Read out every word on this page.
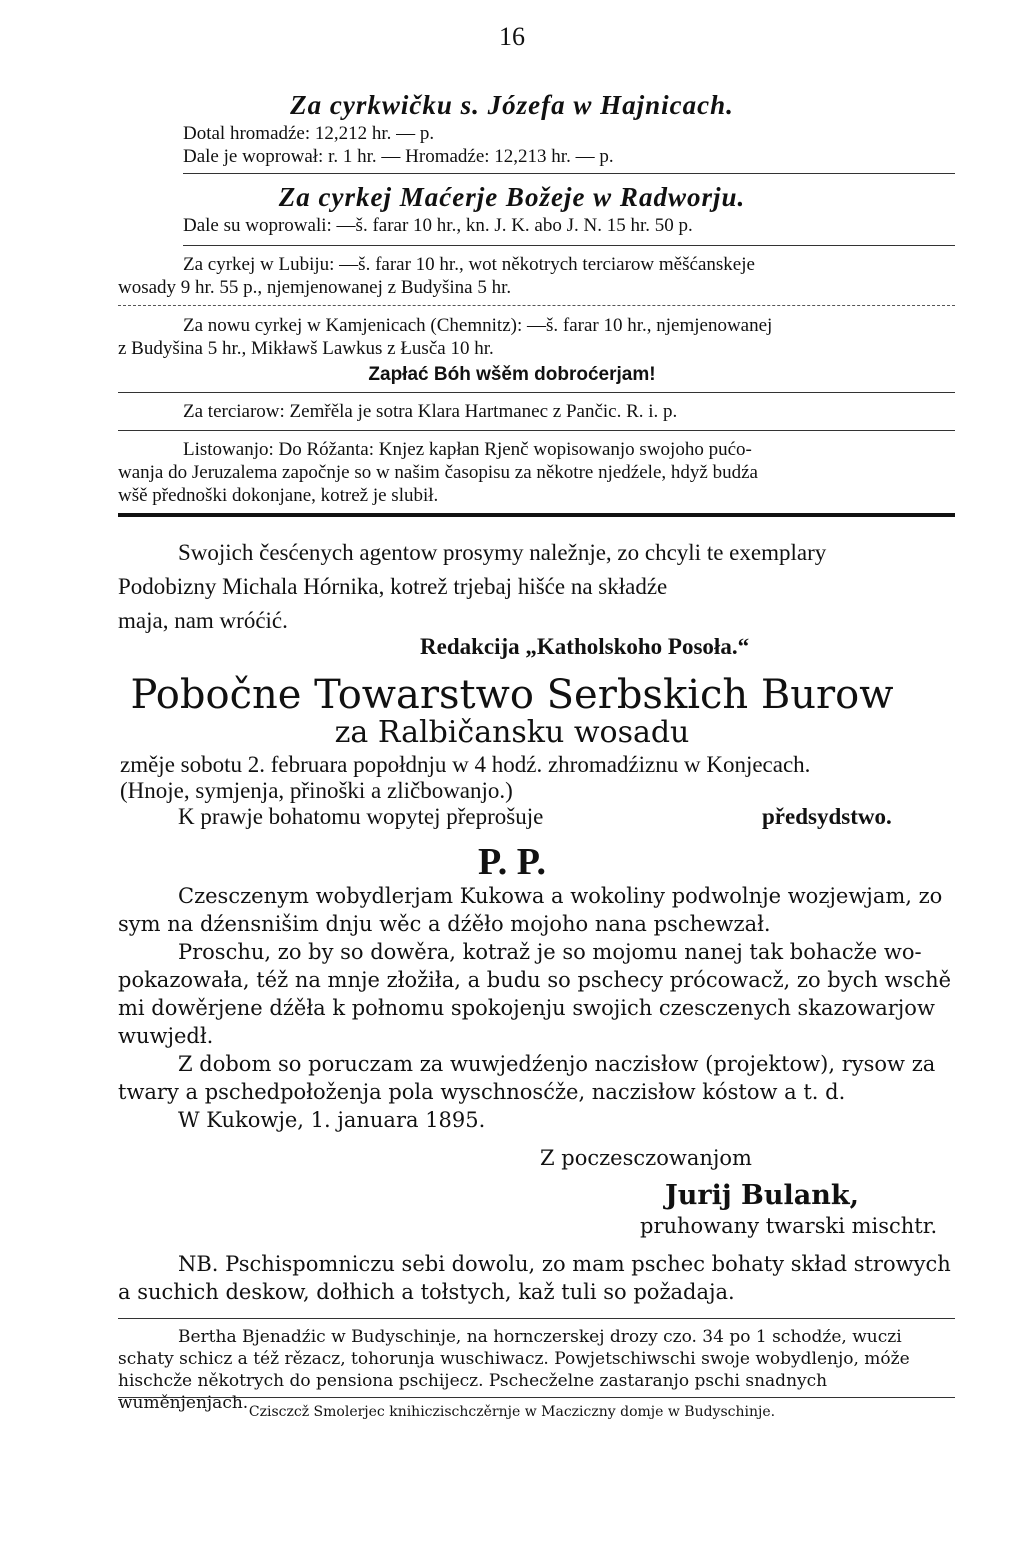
16
Za cyrkwičku s. Józefa w Hajnicach.
Dotal hromadźe: 12,212 hr. — p.
Dale je woprował: r. 1 hr. — Hromadźe: 12,213 hr. — p.
Za cyrkej Maćerje Božeje w Radworju.
Dale su woprowali: —š. farar 10 hr., kn. J. K. abo J. N. 15 hr. 50 p.
Za cyrkej w Lubiju: —š. farar 10 hr., wot někotrych terciarow měšćanskeje
wosady 9 hr. 55 p., njemjenowanej z Budyšina 5 hr.
Za nowu cyrkej w Kamjenicach (Chemnitz): —š. farar 10 hr., njemjenowanej
z Budyšina 5 hr., Mikławš Lawkus z Łusča 10 hr.
Zapłać Bóh wšěm dobroćerjam!
Za terciarow: Zemřěla je sotra Klara Hartmanec z Pančic. R. i. p.
Listowanjo: Do Róžanta: Knjez kapłan Rjenč wopisowanjo swojoho pućo-
wanja do Jeruzalema započnje so w našim časopisu za někotre njedźele, hdyž budźa
wšě přednoški dokonjane, kotrež je slubił.
Swojich česćenych agentow prosymy naležnje, zo chcyli te exemplary
Podobizny Michala Hórnika, kotrež trjebaj hišće na składźe
maja, nam wróćić.
Redakcija „Katholskoho Posoła.“
Pobočne Towarstwo Serbskich Burow
za Ralbičansku wosadu
změje sobotu 2. februara popołdnju w 4 hodź. zhromadźiznu w Konjecach.
(Hnoje, symjenja, přinoški a zličbowanjo.)
K prawje bohatomu wopytej přeprošuje	předsydstwo.
P. P.
Czesczenym wobydlerjam Kukowa a wokoliny podwolnje wozjewjam, zo sym na dźensnišim dnju wěc a dźěło mojoho nana pschewzał.
Proschu, zo by so dowěra, kotraž je so mojomu nanej tak bohacže wo-pokazowała, též na mnje złožiła, a budu so pschecy prócowacž, zo bych wschě mi dowěrjene dźěła k połnomu spokojenju swojich czesczenych skazowarjow wuwjedł.
Z dobom so poruczam za wuwjedźenjo naczisłow (projektow), rysow za twary a pschedpołoženja pola wyschnosćže, naczisłow kóstow a t. d.
W Kukowje, 1. januara 1895.
Z poczesczowanjom
Jurij Bulank,
pruhowany twarski mischtr.
NB. Pschispomniczu sebi dowolu, zo mam pschec bohaty skład strowych a suchich deskow, dołhich a tołstych, kaž tuli so požadaja.
Bertha Bjenadźic w Budyschinje, na hornczerskej drozy czo. 34 po 1 schodźe, wuczi schaty schicz a též rězacz, tohorunja wuschiwacz. Powjetschiwschi swoje wobydlenjo, móže hischcže někotrych do pensiona pschijecz. Pschecželne zastaranjo pschi snadnych wuměnjenjach. Czisczcž Smolerjec knihiczischczěrnje w Macziczny domje w Budyschinje.
